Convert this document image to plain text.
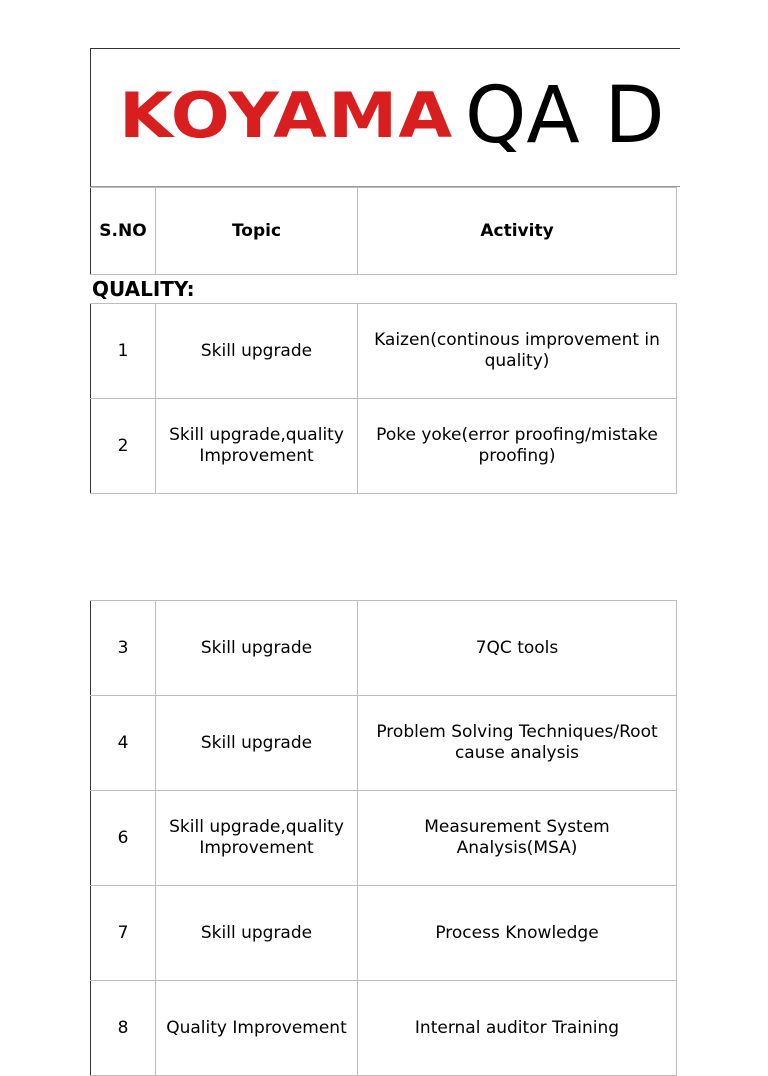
KOYAMA QA D
S.NO	Topic	Activity
QUALITY:
1	Skill upgrade	Kaizen(continous improvement in quality)
2	Skill upgrade,quality Improvement	Poke yoke(error proofing/mistake proofing)
3	Skill upgrade	7QC tools
4	Skill upgrade	Problem Solving Techniques/Root cause analysis
6	Skill upgrade,quality Improvement	Measurement System Analysis(MSA)
7	Skill upgrade	Process Knowledge
8	Quality Improvement	Internal auditor Training
